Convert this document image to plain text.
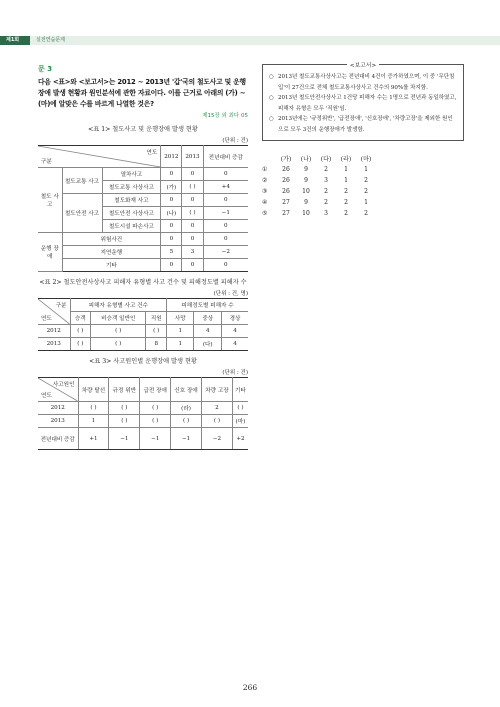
제1회	실전연습문제
문 3
다음 <표>와 <보고서>는 2012 ~ 2013년 '갑'국의 철도사고 및 운행장애 발생 현황과 원인분석에 관한 자료이다. 이를 근거로 아래의 (가) ~ (마)에 알맞은 수를 바르게 나열한 것은?
제15장 외 최다 05
<표 1> 철도사고 및 운행장애 발생 현황
(단위 : 건)
연도
구분			2012	2013	전년대비 증감
철도 사고	철도교통 사고	열차사고	0	0	0
		철도교통 사상사고	(가)	( )	+4
	철도안전 사고	철도화재 사고	0	0	0
		철도안전 사상사고	(나)	( )	−1
		철도시설 파손사고	0	0	0
운행 장애	위험사건		0	0	0
	지연운행		5	3	−2
	기타		0	0	0
<표 2> 철도안전사상사고 피해자 유형별 사고 건수 및 피해정도별 피해자 수
(단위 : 건, 명)
구분
연도	피해자 유형별 사고 건수			피해정도별 피해자 수		
	승객	비승객 일반인	직원	사망	중상	경상
2012	( )	( )	( )	1	4	4
2013	( )	( )	8	1	(다)	4
<표 3> 사고원인별 운행장애 발생 현황
(단위 : 건)
사고원인
연도	차량 탈선	규정 위반	급전 장애	신호 장애	차량 고장	기타
2012	( )	( )	( )	(라)	2	( )
2013	1	( )	( )	( )	( )	(마)
전년대비 증감	+1	−1	−1	−1	−2	+2
<보고서>
○ 2013년 철도교통사상사고는 전년대비 4건이 증가하였으며, 이 중 '무단침입'이 27건으로 전체 철도교통사상사고 건수의 90%를 차지함.
○ 2013년 철도안전사상사고 1건당 피해자 수는 1명으로 전년과 동일하였고, 피해자 유형은 모두 '직원'임.
○ 2013년에는 '규정위반', '급전장애', '신호장애', '차량고장'을 제외한 원인으로 모두 3건의 운행장애가 발생함.
	(가)	(나)	(다)	(라)	(마)
①	26	9	2	1	1
②	26	9	3	1	2
③	26	10	2	2	2
④	27	9	2	2	1
⑤	27	10	3	2	2
266
